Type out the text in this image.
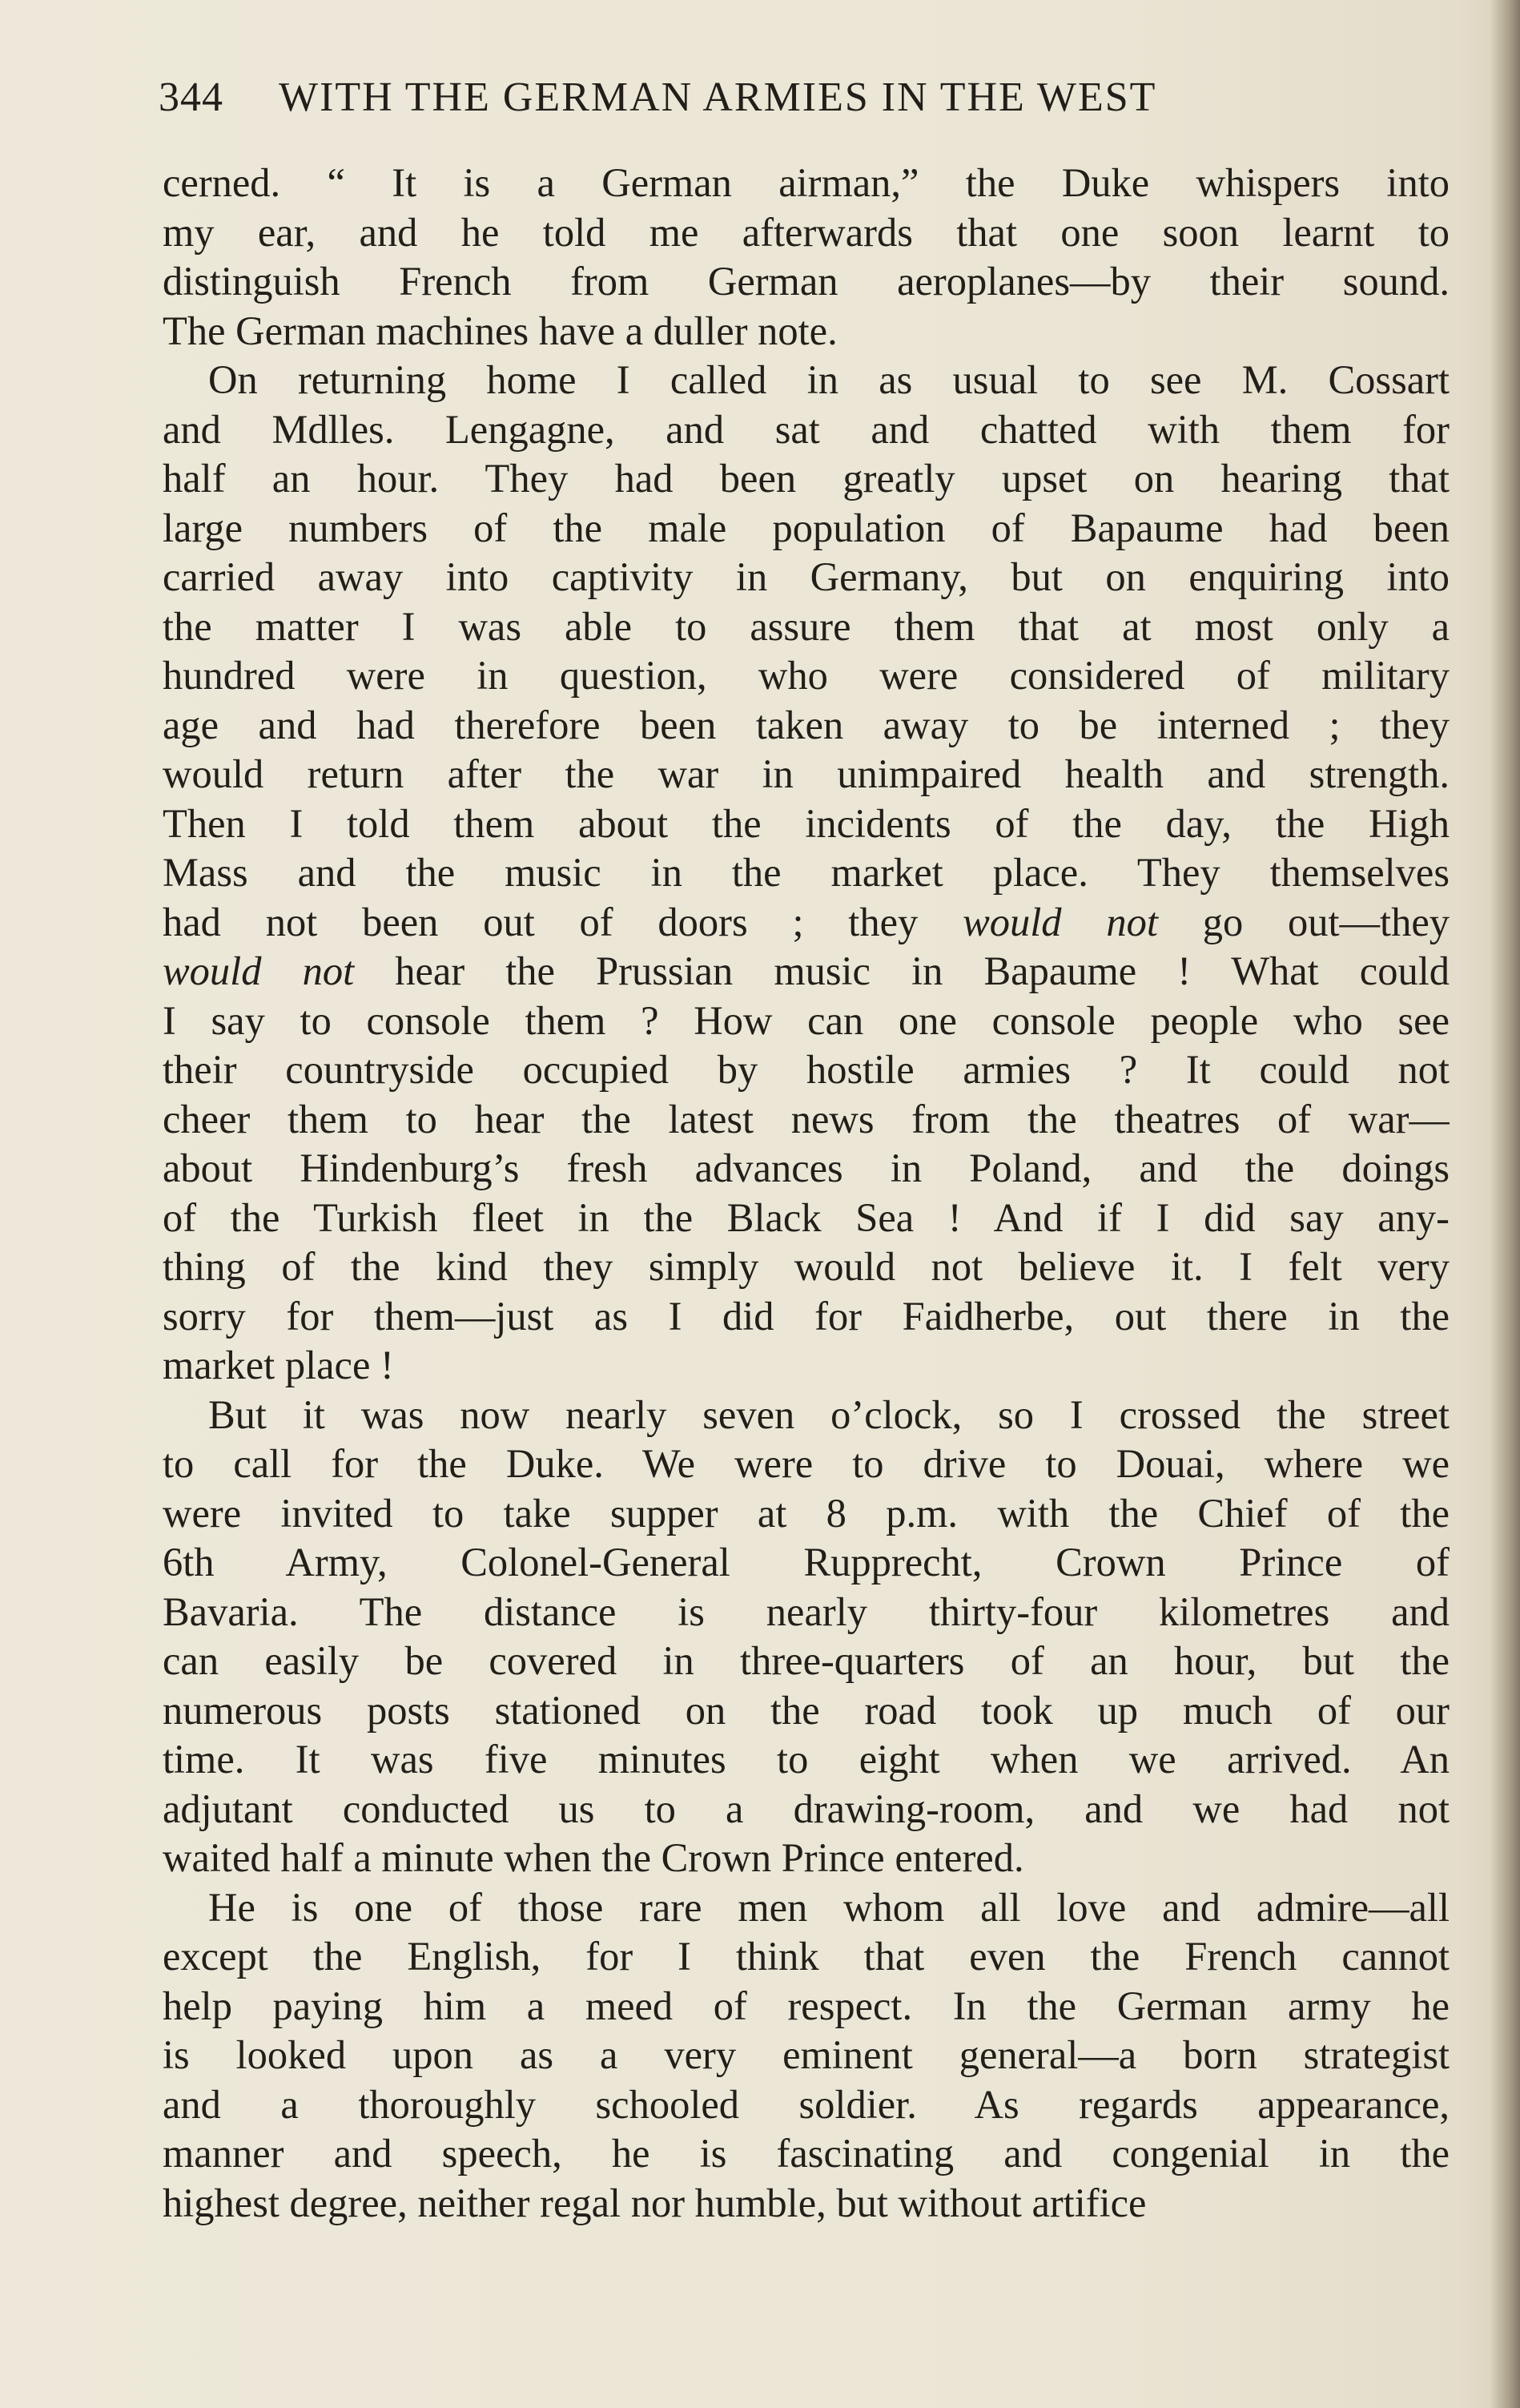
344 WITH THE GERMAN ARMIES IN THE WEST
cerned. “ It is a German airman,” the Duke whispers into
my ear, and he told me afterwards that one soon learnt to
distinguish French from German aeroplanes—by their sound.
The German machines have a duller note.
On returning home I called in as usual to see M. Cossart
and Mdlles. Lengagne, and sat and chatted with them for
half an hour. They had been greatly upset on hearing that
large numbers of the male population of Bapaume had been
carried away into captivity in Germany, but on enquiring into
the matter I was able to assure them that at most only a
hundred were in question, who were considered of military
age and had therefore been taken away to be interned ; they
would return after the war in unimpaired health and strength.
Then I told them about the incidents of the day, the High
Mass and the music in the market place. They themselves
had not been out of doors ; they would not go out—they
would not hear the Prussian music in Bapaume ! What could
I say to console them ? How can one console people who see
their countryside occupied by hostile armies ? It could not
cheer them to hear the latest news from the theatres of war—
about Hindenburg’s fresh advances in Poland, and the doings
of the Turkish fleet in the Black Sea ! And if I did say any-
thing of the kind they simply would not believe it. I felt very
sorry for them—just as I did for Faidherbe, out there in the
market place !
But it was now nearly seven o’clock, so I crossed the street
to call for the Duke. We were to drive to Douai, where we
were invited to take supper at 8 p.m. with the Chief of the
6th Army, Colonel-General Rupprecht, Crown Prince of
Bavaria. The distance is nearly thirty-four kilometres and
can easily be covered in three-quarters of an hour, but the
numerous posts stationed on the road took up much of our
time. It was five minutes to eight when we arrived. An
adjutant conducted us to a drawing-room, and we had not
waited half a minute when the Crown Prince entered.
He is one of those rare men whom all love and admire—all
except the English, for I think that even the French cannot
help paying him a meed of respect. In the German army he
is looked upon as a very eminent general—a born strategist
and a thoroughly schooled soldier. As regards appearance,
manner and speech, he is fascinating and congenial in the
highest degree, neither regal nor humble, but without artifice
